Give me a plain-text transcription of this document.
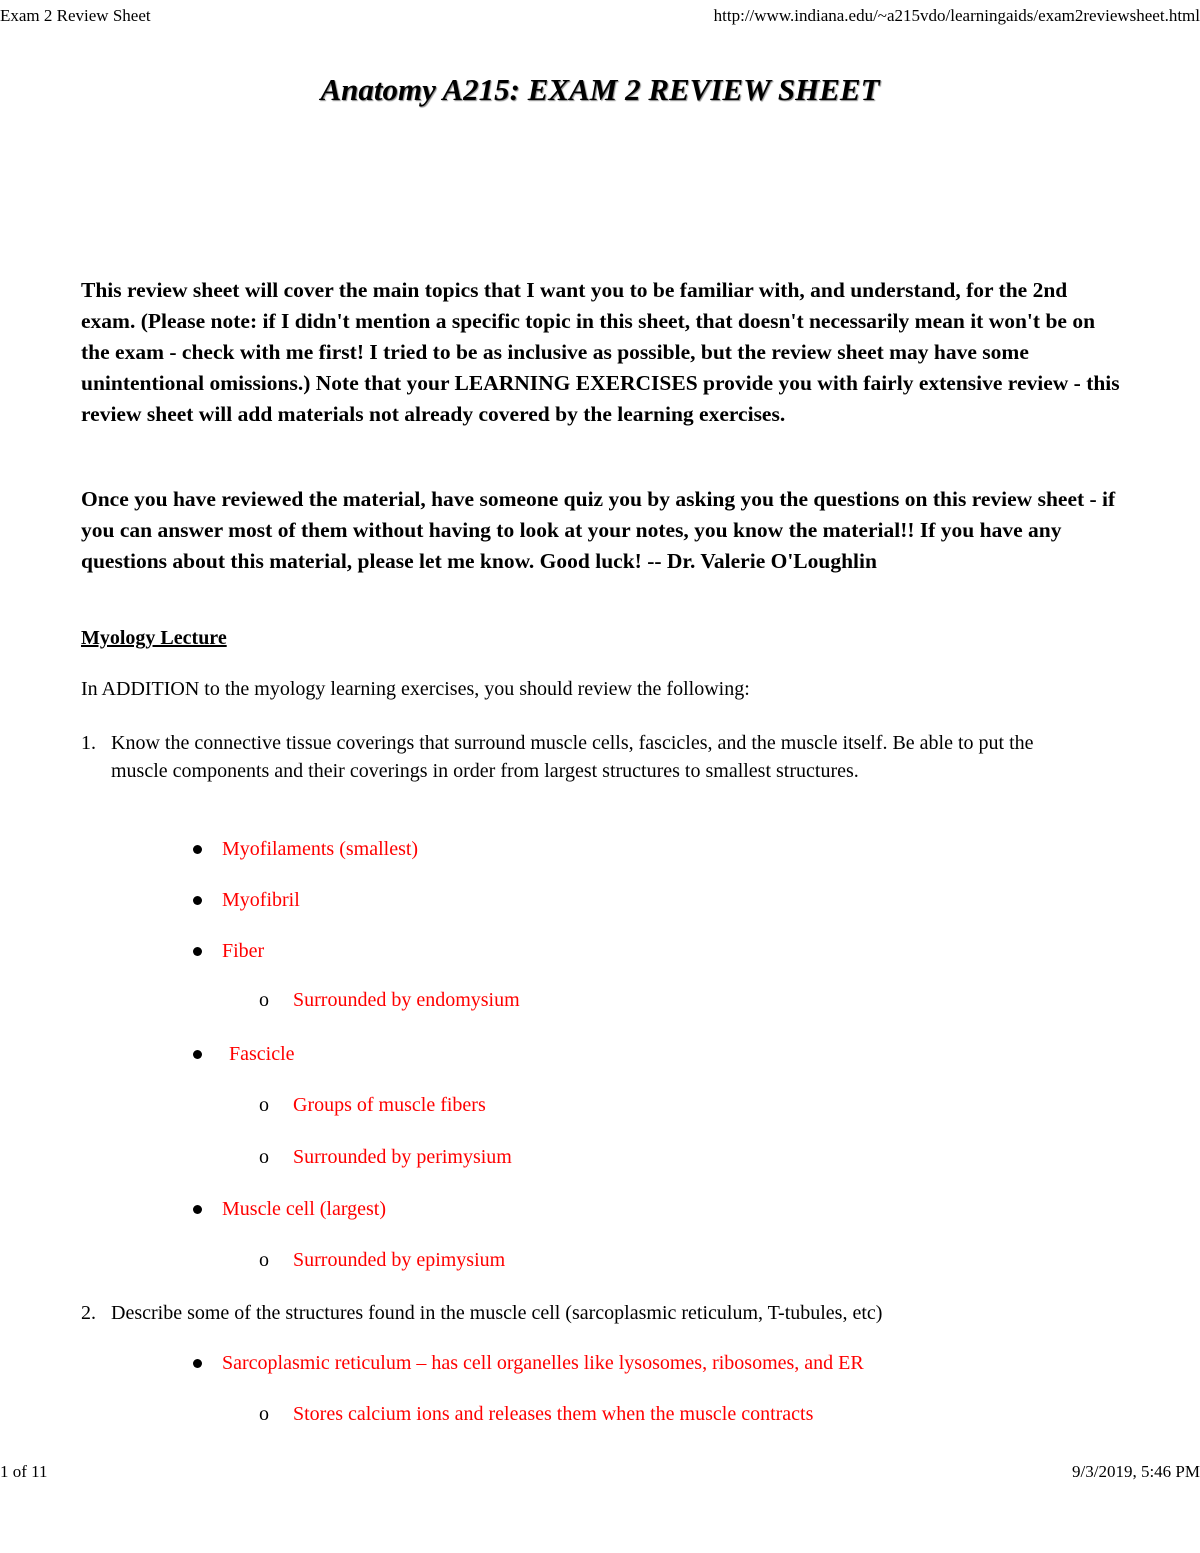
Exam 2 Review Sheet	http://www.indiana.edu/~a215vdo/learningaids/exam2reviewsheet.html
Anatomy A215: EXAM 2 REVIEW SHEET

This review sheet will cover the main topics that I want you to be familiar with, and understand, for the 2nd exam. (Please note: if I didn't mention a specific topic in this sheet, that doesn't necessarily mean it won't be on the exam - check with me first! I tried to be as inclusive as possible, but the review sheet may have some unintentional omissions.) Note that your LEARNING EXERCISES provide you with fairly extensive review - this review sheet will add materials not already covered by the learning exercises.

Once you have reviewed the material, have someone quiz you by asking you the questions on this review sheet - if you can answer most of them without having to look at your notes, you know the material!! If you have any questions about this material, please let me know. Good luck! -- Dr. Valerie O'Loughlin

Myology Lecture

In ADDITION to the myology learning exercises, you should review the following:

1. Know the connective tissue coverings that surround muscle cells, fascicles, and the muscle itself. Be able to put the muscle components and their coverings in order from largest structures to smallest structures.
Myofilaments (smallest)
Myofibril
Fiber
o Surrounded by endomysium
Fascicle
o Groups of muscle fibers
o Surrounded by perimysium
Muscle cell (largest)
o Surrounded by epimysium
2. Describe some of the structures found in the muscle cell (sarcoplasmic reticulum, T-tubules, etc)
Sarcoplasmic reticulum – has cell organelles like lysosomes, ribosomes, and ER
o Stores calcium ions and releases them when the muscle contracts
1 of 11	9/3/2019, 5:46 PM
